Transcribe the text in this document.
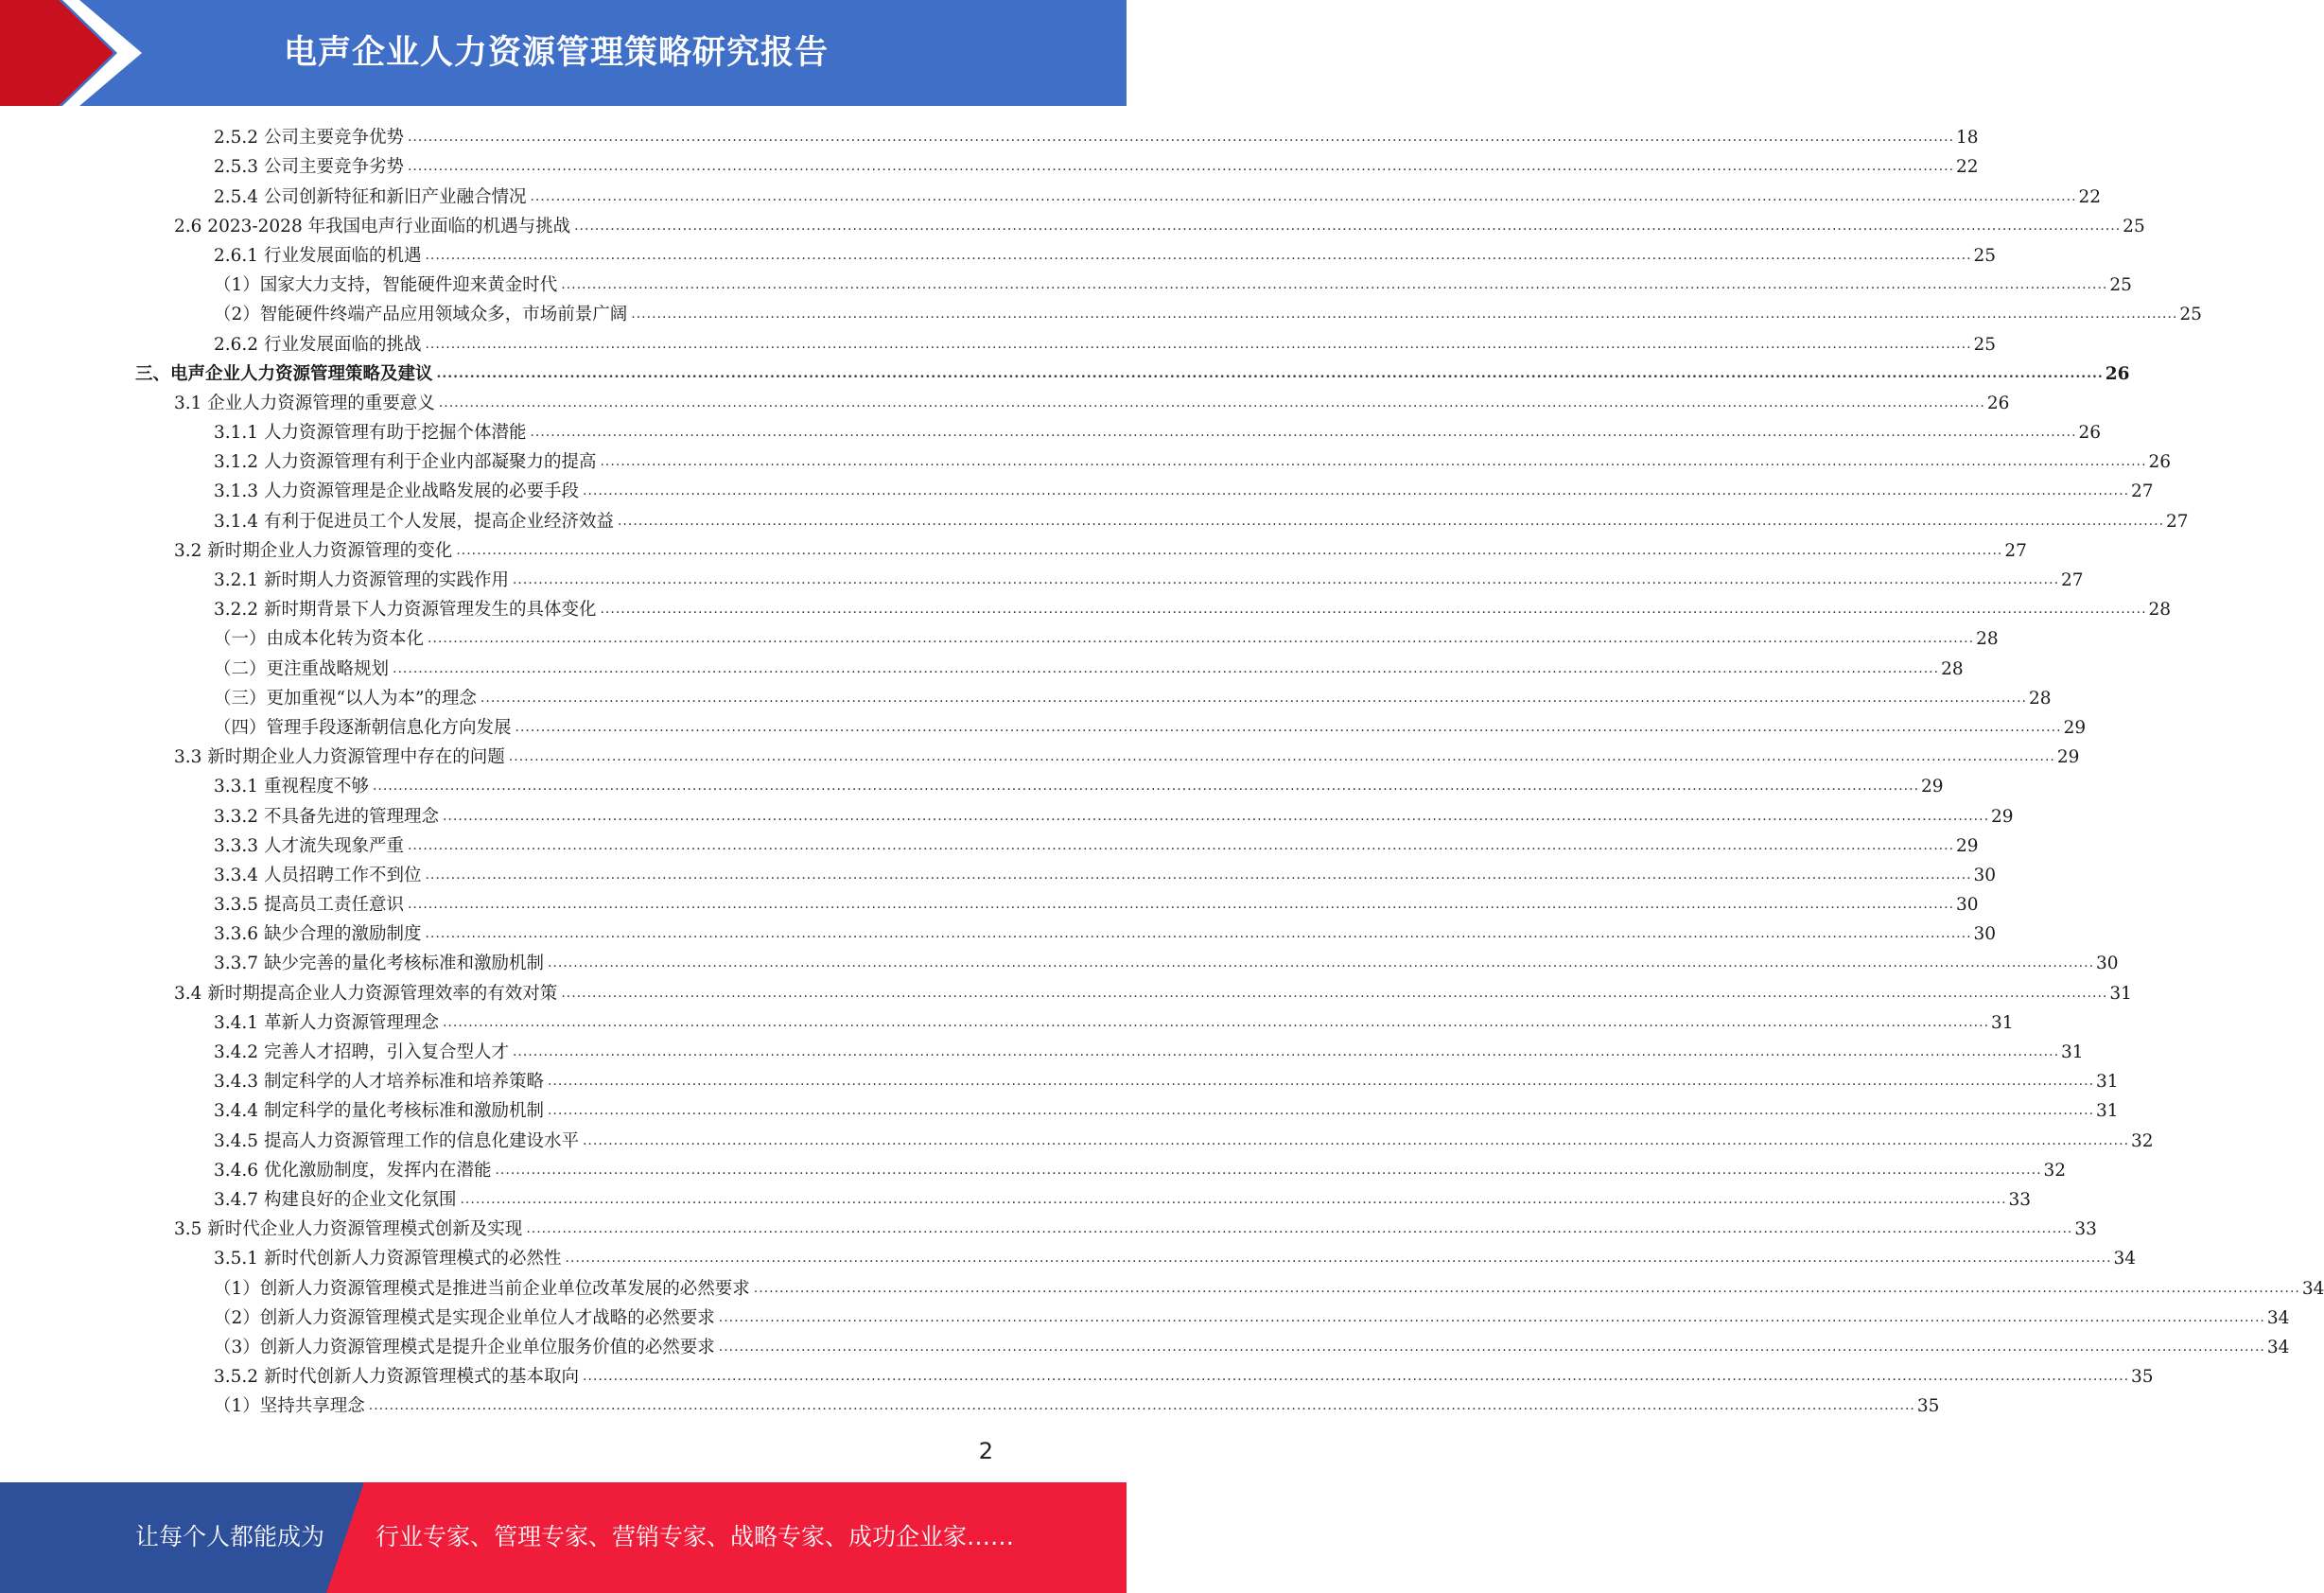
电声企业人力资源管理策略研究报告
2.5.2 公司主要竞争优势 ............................................................................................................................................................................................................................................................................................................ 18
2.5.3 公司主要竞争劣势 ............................................................................................................................................................................................................................................................................................................ 22
2.5.4 公司创新特征和新旧产业融合情况 ............................................................................................................................................................................................................................................................................................................ 22
2.6 2023-2028 年我国电声行业面临的机遇与挑战 ............................................................................................................................................................................................................................................................................................................ 25
2.6.1 行业发展面临的机遇 ............................................................................................................................................................................................................................................................................................................ 25
（1）国家大力支持，智能硬件迎来黄金时代 ............................................................................................................................................................................................................................................................................................................ 25
（2）智能硬件终端产品应用领域众多，市场前景广阔 ............................................................................................................................................................................................................................................................................................................ 25
2.6.2 行业发展面临的挑战 ............................................................................................................................................................................................................................................................................................................ 25
三、电声企业人力资源管理策略及建议 ............................................................................................................................................................................................................................................................................................................ 26
3.1 企业人力资源管理的重要意义 ............................................................................................................................................................................................................................................................................................................ 26
3.1.1 人力资源管理有助于挖掘个体潜能 ............................................................................................................................................................................................................................................................................................................ 26
3.1.2 人力资源管理有利于企业内部凝聚力的提高 ............................................................................................................................................................................................................................................................................................................ 26
3.1.3 人力资源管理是企业战略发展的必要手段 ............................................................................................................................................................................................................................................................................................................ 27
3.1.4 有利于促进员工个人发展，提高企业经济效益 ............................................................................................................................................................................................................................................................................................................ 27
3.2 新时期企业人力资源管理的变化 ............................................................................................................................................................................................................................................................................................................ 27
3.2.1 新时期人力资源管理的实践作用 ............................................................................................................................................................................................................................................................................................................ 27
3.2.2 新时期背景下人力资源管理发生的具体变化 ............................................................................................................................................................................................................................................................................................................ 28
（一）由成本化转为资本化 ............................................................................................................................................................................................................................................................................................................ 28
（二）更注重战略规划 ............................................................................................................................................................................................................................................................................................................ 28
（三）更加重视“以人为本”的理念 ............................................................................................................................................................................................................................................................................................................ 28
（四）管理手段逐渐朝信息化方向发展 ............................................................................................................................................................................................................................................................................................................ 29
3.3 新时期企业人力资源管理中存在的问题 ............................................................................................................................................................................................................................................................................................................ 29
3.3.1 重视程度不够 ............................................................................................................................................................................................................................................................................................................ 29
3.3.2 不具备先进的管理理念 ............................................................................................................................................................................................................................................................................................................ 29
3.3.3 人才流失现象严重 ............................................................................................................................................................................................................................................................................................................ 29
3.3.4 人员招聘工作不到位 ............................................................................................................................................................................................................................................................................................................ 30
3.3.5 提高员工责任意识 ............................................................................................................................................................................................................................................................................................................ 30
3.3.6 缺少合理的激励制度 ............................................................................................................................................................................................................................................................................................................ 30
3.3.7 缺少完善的量化考核标准和激励机制 ............................................................................................................................................................................................................................................................................................................ 30
3.4 新时期提高企业人力资源管理效率的有效对策 ............................................................................................................................................................................................................................................................................................................ 31
3.4.1 革新人力资源管理理念 ............................................................................................................................................................................................................................................................................................................ 31
3.4.2 完善人才招聘，引入复合型人才 ............................................................................................................................................................................................................................................................................................................ 31
3.4.3 制定科学的人才培养标准和培养策略 ............................................................................................................................................................................................................................................................................................................ 31
3.4.4 制定科学的量化考核标准和激励机制 ............................................................................................................................................................................................................................................................................................................ 31
3.4.5 提高人力资源管理工作的信息化建设水平 ............................................................................................................................................................................................................................................................................................................ 32
3.4.6 优化激励制度，发挥内在潜能 ............................................................................................................................................................................................................................................................................................................ 32
3.4.7 构建良好的企业文化氛围 ............................................................................................................................................................................................................................................................................................................ 33
3.5 新时代企业人力资源管理模式创新及实现 ............................................................................................................................................................................................................................................................................................................ 33
3.5.1 新时代创新人力资源管理模式的必然性 ............................................................................................................................................................................................................................................................................................................ 34
（1）创新人力资源管理模式是推进当前企业单位改革发展的必然要求 ............................................................................................................................................................................................................................................................................................................ 34
（2）创新人力资源管理模式是实现企业单位人才战略的必然要求 ............................................................................................................................................................................................................................................................................................................ 34
（3）创新人力资源管理模式是提升企业单位服务价值的必然要求 ............................................................................................................................................................................................................................................................................................................ 34
3.5.2 新时代创新人力资源管理模式的基本取向 ............................................................................................................................................................................................................................................................................................................ 35
（1）坚持共享理念 ............................................................................................................................................................................................................................................................................................................ 35
2
让每个人都能成为 行业专家、管理专家、营销专家、战略专家、成功企业家……
